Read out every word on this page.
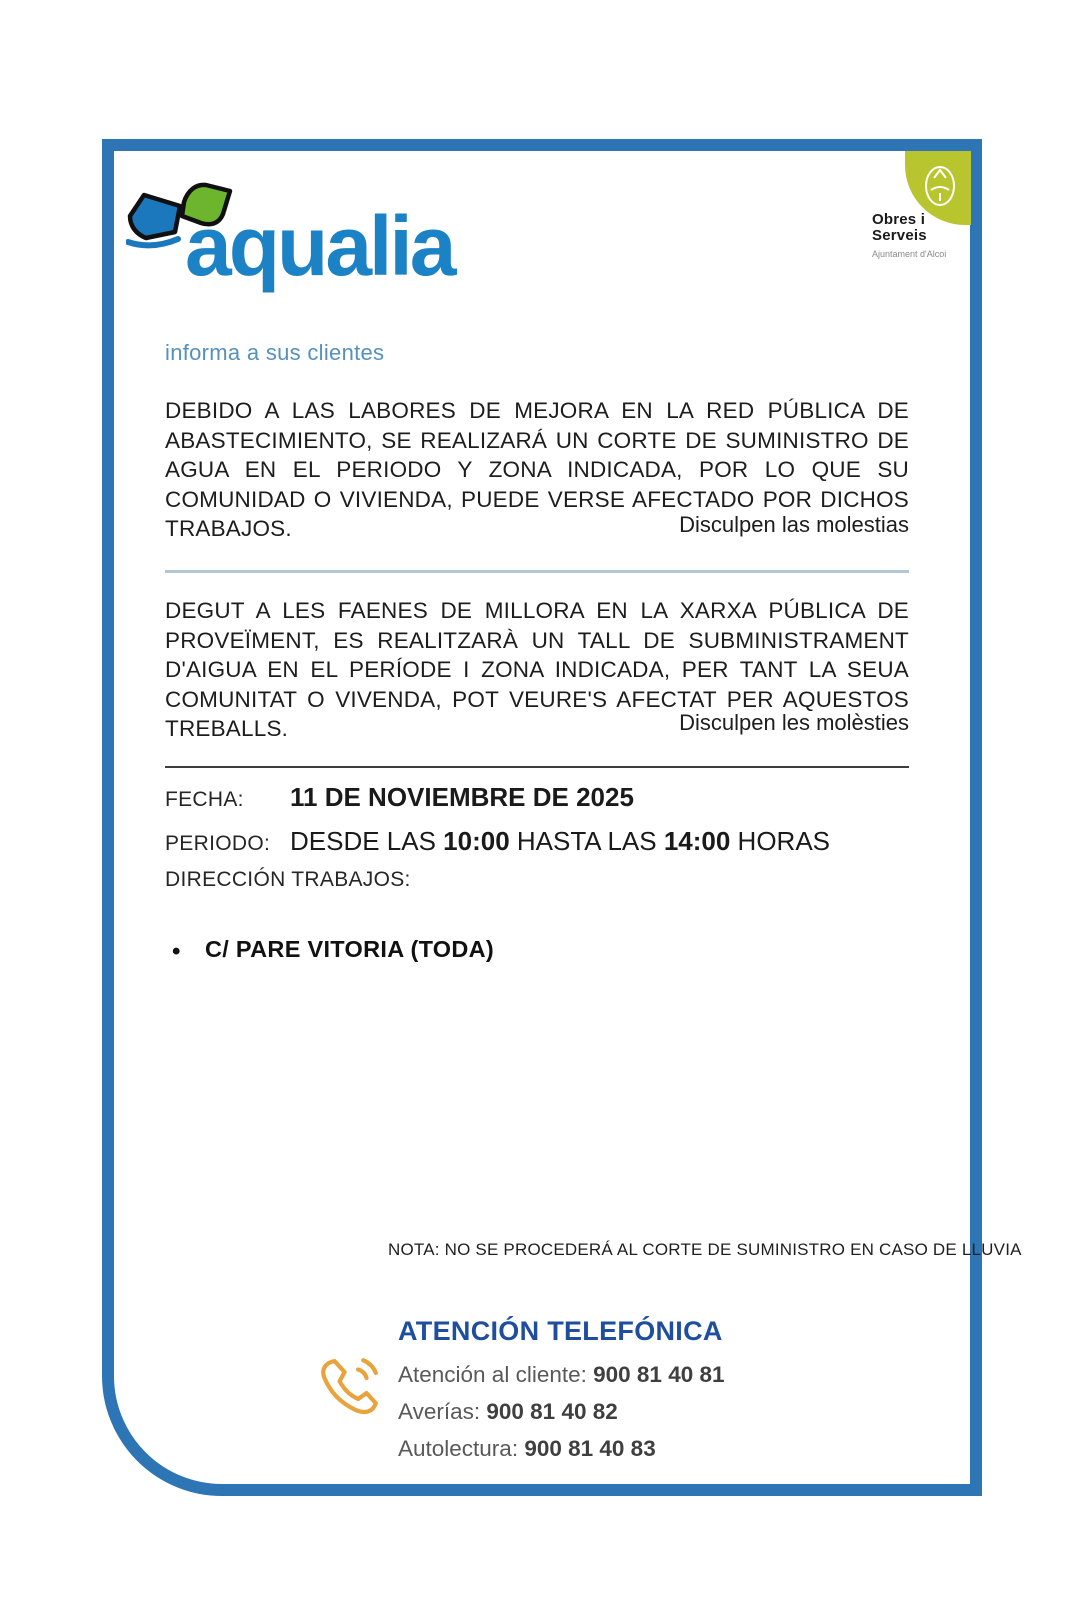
aqualia	Obres i
Serveis
Ajuntament d'Alcoi
informa a sus clientes
DEBIDO A LAS LABORES DE MEJORA EN LA RED PÚBLICA DE ABASTECIMIENTO, SE REALIZARÁ UN CORTE DE SUMINISTRO DE AGUA EN EL PERIODO Y ZONA INDICADA, POR LO QUE SU COMUNIDAD O VIVIENDA, PUEDE VERSE AFECTADO POR DICHOS TRABAJOS.	Disculpen las molestias
DEGUT A LES FAENES DE MILLORA EN LA XARXA PÚBLICA DE PROVEÏMENT, ES REALITZARÀ UN TALL DE SUBMINISTRAMENT D'AIGUA EN EL PERÍODE I ZONA INDICADA, PER TANT LA SEUA COMUNITAT O VIVENDA, POT VEURE'S AFECTAT PER AQUESTOS TREBALLS.	Disculpen les molèsties
FECHA: 11 DE NOVIEMBRE DE 2025
PERIODO: DESDE LAS 10:00 HASTA LAS 14:00 HORAS
DIRECCIÓN TRABAJOS:
• C/ PARE VITORIA (TODA)
NOTA: NO SE PROCEDERÁ AL CORTE DE SUMINISTRO EN CASO DE LLUVIA
ATENCIÓN TELEFÓNICA
Atención al cliente: 900 81 40 81
Averías: 900 81 40 82
Autolectura: 900 81 40 83
